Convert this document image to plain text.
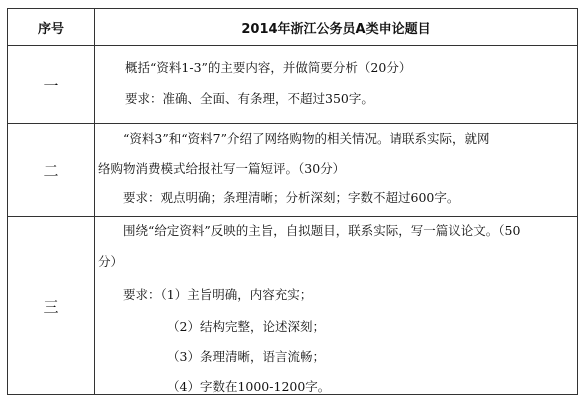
序号	2014年浙江公务员A类申论题目
一
概括“资料1-3”的主要内容，并做简要分析（20分）
要求：准确、全面、有条理，不超过350字。
二
“资料3”和“资料7”介绍了网络购物的相关情况。请联系实际，就网
络购物消费模式给报社写一篇短评。（30分）
要求：观点明确；条理清晰；分析深刻；字数不超过600字。
三
围绕“给定资料”反映的主旨，自拟题目，联系实际，写一篇议论文。（50
分）
要求：（1）主旨明确，内容充实；
（2）结构完整，论述深刻；
（3）条理清晰，语言流畅；
（4）字数在1000-1200字。
